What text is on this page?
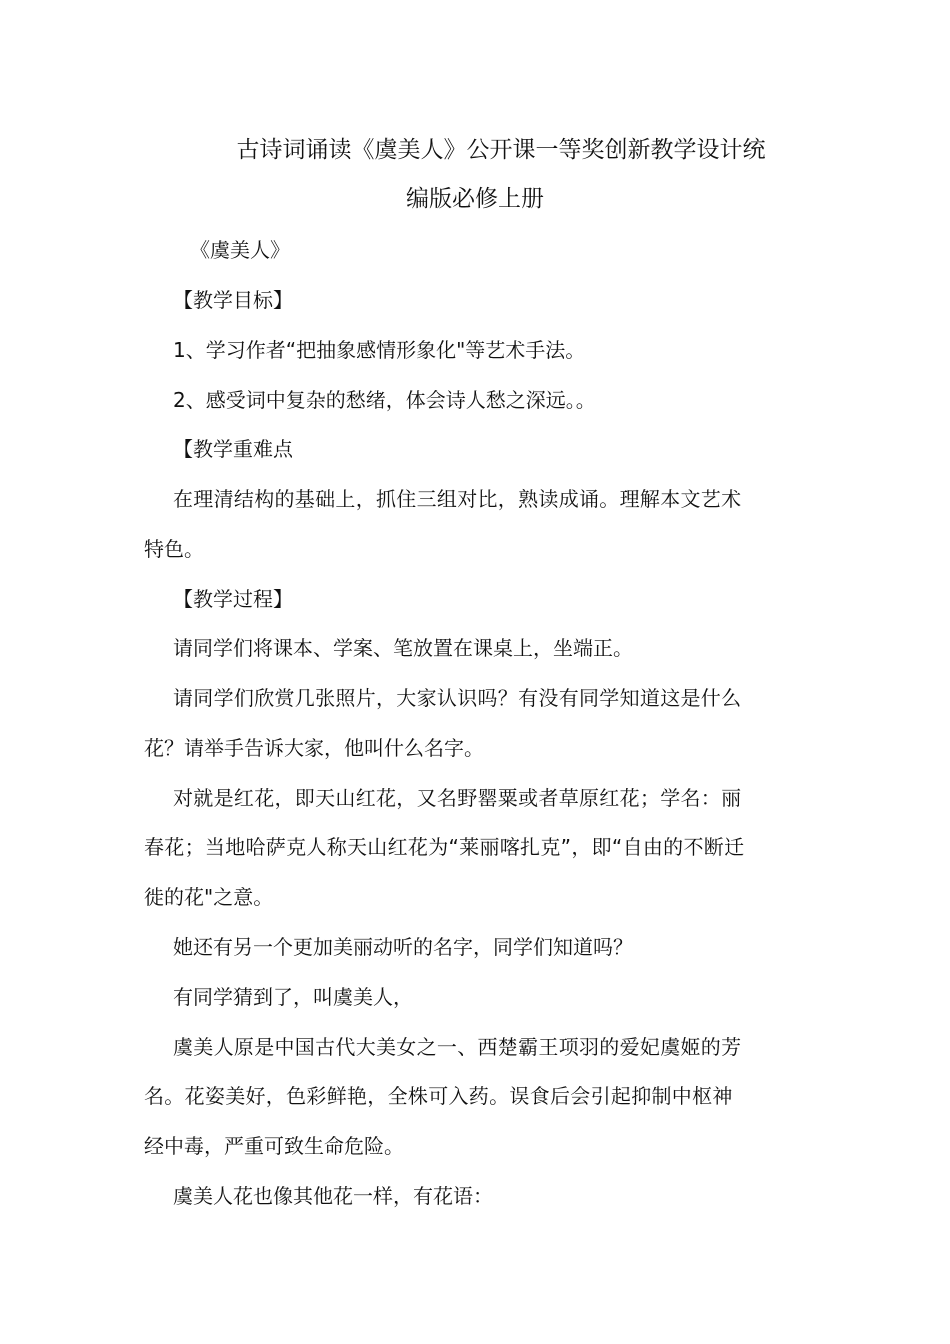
古诗词诵读《虞美人》公开课一等奖创新教学设计统
编版必修上册
《虞美人》
【教学目标】
1、学习作者“把抽象感情形象化"等艺术手法。
2、感受词中复杂的愁绪，体会诗人愁之深远。。
【教学重难点
在理清结构的基础上，抓住三组对比，熟读成诵。理解本文艺术
特色。
【教学过程】
请同学们将课本、学案、笔放置在课桌上，坐端正。
请同学们欣赏几张照片，大家认识吗？有没有同学知道这是什么
花？请举手告诉大家，他叫什么名字。
对就是红花，即天山红花，又名野罂粟或者草原红花；学名：丽
春花；当地哈萨克人称天山红花为“莱丽喀扎克”，即“自由的不断迁
徙的花"之意。
她还有另一个更加美丽动听的名字，同学们知道吗？
有同学猜到了，叫虞美人，
虞美人原是中国古代大美女之一、西楚霸王项羽的爱妃虞姬的芳
名。花姿美好，色彩鲜艳，全株可入药。误食后会引起抑制中枢神
经中毒，严重可致生命危险。
虞美人花也像其他花一样，有花语：
